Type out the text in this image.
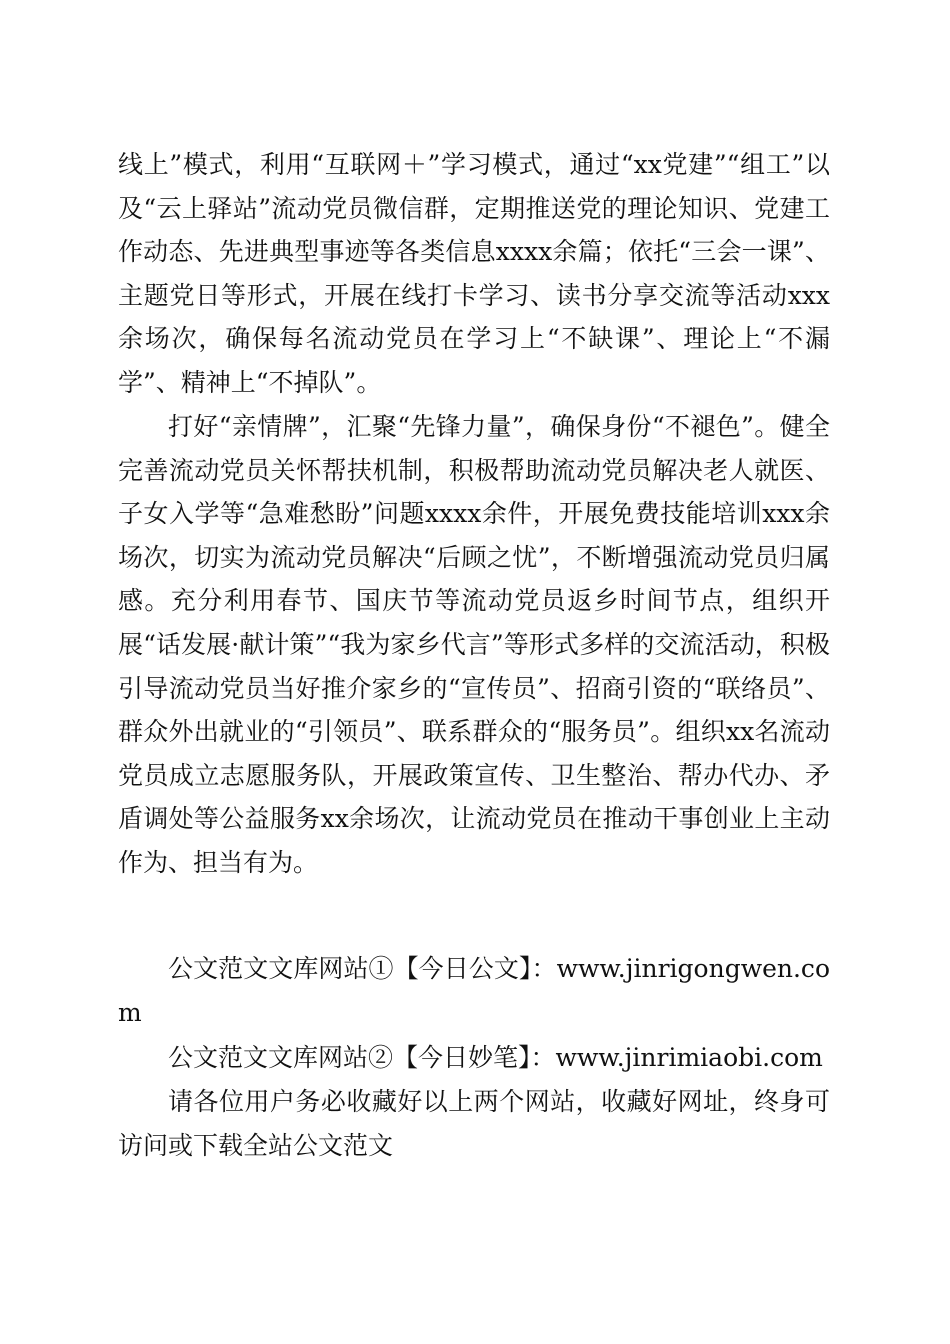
线上”模式，利用“互联网＋”学习模式，通过“xx党建”“组工”以及“云上驿站”流动党员微信群，定期推送党的理论知识、党建工作动态、先进典型事迹等各类信息xxxx余篇；依托“三会一课”、主题党日等形式，开展在线打卡学习、读书分享交流等活动xxx余场次，确保每名流动党员在学习上“不缺课”、理论上“不漏学”、精神上“不掉队”。

打好“亲情牌”，汇聚“先锋力量”，确保身份“不褪色”。健全完善流动党员关怀帮扶机制，积极帮助流动党员解决老人就医、子女入学等“急难愁盼”问题xxxx余件，开展免费技能培训xxx余场次，切实为流动党员解决“后顾之忧”，不断增强流动党员归属感。充分利用春节、国庆节等流动党员返乡时间节点，组织开展“话发展·献计策”“我为家乡代言”等形式多样的交流活动，积极引导流动党员当好推介家乡的“宣传员”、招商引资的“联络员”、群众外出就业的“引领员”、联系群众的“服务员”。组织xx名流动党员成立志愿服务队，开展政策宣传、卫生整治、帮办代办、矛盾调处等公益服务xx余场次，让流动党员在推动干事创业上主动作为、担当有为。

公文范文文库网站①【今日公文】：www.jinrigongwen.com

公文范文文库网站②【今日妙笔】：www.jinrimiaobi.com

请各位用户务必收藏好以上两个网站，收藏好网址，终身可访问或下载全站公文范文
